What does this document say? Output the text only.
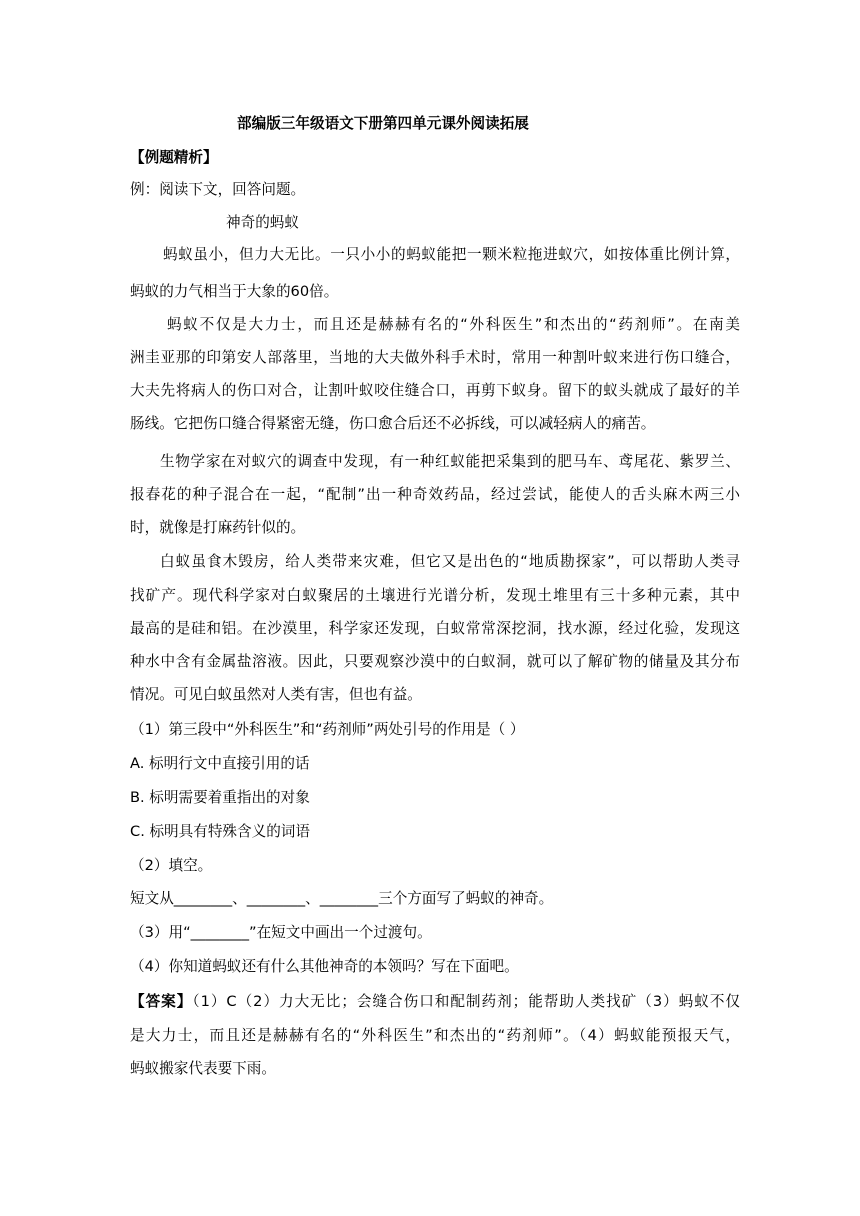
部编版三年级语文下册第四单元课外阅读拓展
【例题精析】
例：阅读下文，回答问题。
神奇的蚂蚁
蚂蚁虽小，但力大无比。一只小小的蚂蚁能把一颗米粒拖进蚁穴，如按体重比例计算，
蚂蚁的力气相当于大象的60倍。
蚂蚁不仅是大力士，而且还是赫赫有名的“外科医生”和杰出的“药剂师”。在南美
洲圭亚那的印第安人部落里，当地的大夫做外科手术时，常用一种割叶蚁来进行伤口缝合，
大夫先将病人的伤口对合，让割叶蚁咬住缝合口，再剪下蚁身。留下的蚁头就成了最好的羊
肠线。它把伤口缝合得紧密无缝，伤口愈合后还不必拆线，可以减轻病人的痛苦。
生物学家在对蚁穴的调查中发现，有一种红蚁能把采集到的肥马车、鸢尾花、紫罗兰、
报春花的种子混合在一起，“配制”出一种奇效药品，经过尝试，能使人的舌头麻木两三小
时，就像是打麻药针似的。
白蚁虽食木毁房，给人类带来灾难，但它又是出色的“地质勘探家”，可以帮助人类寻
找矿产。现代科学家对白蚁聚居的土壤进行光谱分析，发现土堆里有三十多种元素，其中
最高的是硅和铝。在沙漠里，科学家还发现，白蚁常常深挖洞，找水源，经过化验，发现这
种水中含有金属盐溶液。因此，只要观察沙漠中的白蚁洞，就可以了解矿物的储量及其分布
情况。可见白蚁虽然对人类有害，但也有益。
（1）第三段中“外科医生”和“药剂师”两处引号的作用是（ ）
A. 标明行文中直接引用的话
B. 标明需要着重指出的对象
C. 标明具有特殊含义的词语
（2）填空。
短文从________、________、________三个方面写了蚂蚁的神奇。
（3）用“________”在短文中画出一个过渡句。
（4）你知道蚂蚁还有什么其他神奇的本领吗？写在下面吧。
【答案】（1）C（2）力大无比；会缝合伤口和配制药剂；能帮助人类找矿（3）蚂蚁不仅
是大力士，而且还是赫赫有名的“外科医生”和杰出的“药剂师”。（4）蚂蚁能预报天气，
蚂蚁搬家代表要下雨。
